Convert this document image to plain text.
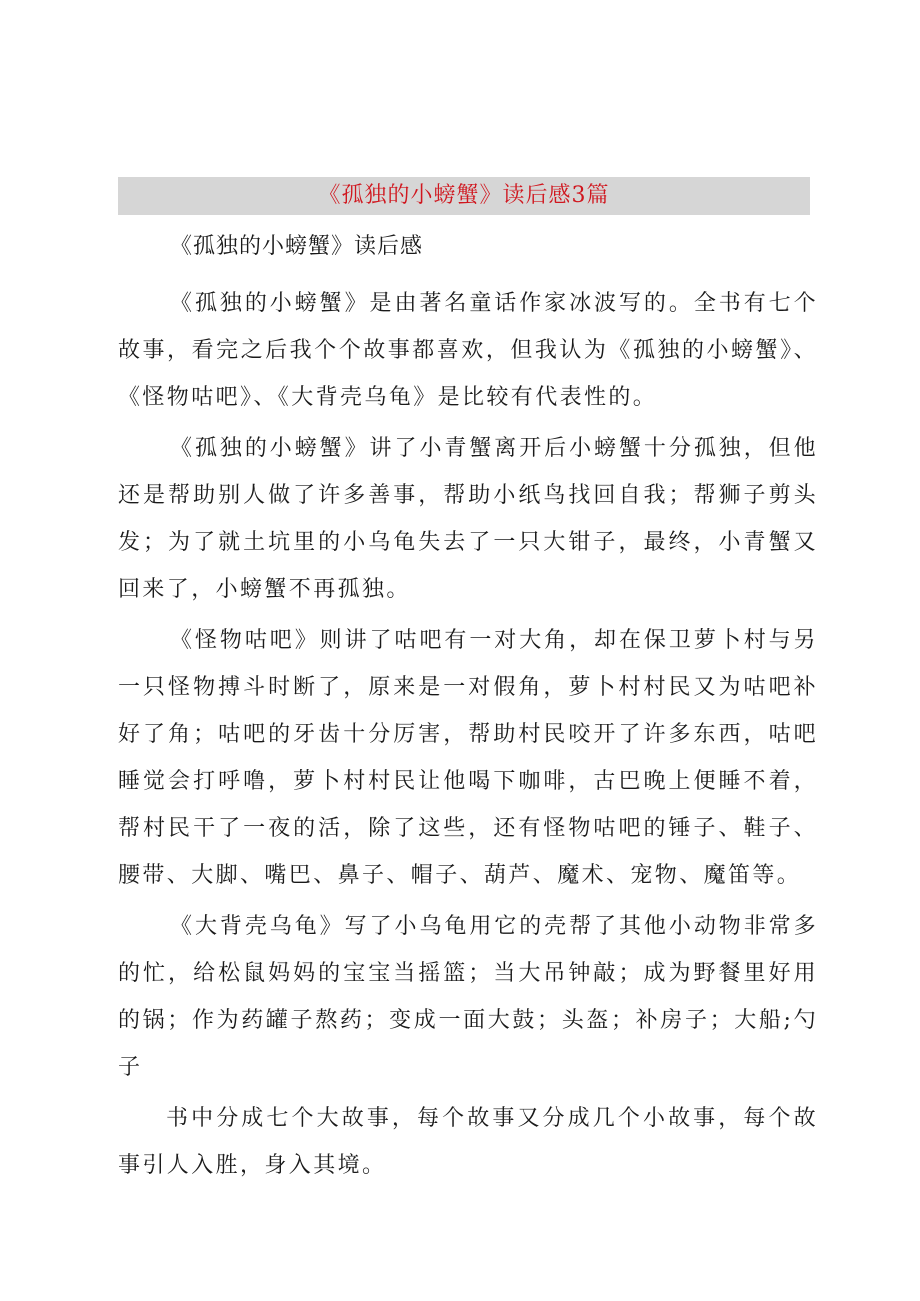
《孤独的小螃蟹》读后感3篇

《孤独的小螃蟹》读后感

《孤独的小螃蟹》是由著名童话作家冰波写的。全书有七个故事，看完之后我个个故事都喜欢，但我认为《孤独的小螃蟹》、《怪物咕吧》、《大背壳乌龟》是比较有代表性的。

《孤独的小螃蟹》讲了小青蟹离开后小螃蟹十分孤独，但他还是帮助别人做了许多善事，帮助小纸鸟找回自我；帮狮子剪头发；为了就土坑里的小乌龟失去了一只大钳子，最终，小青蟹又回来了，小螃蟹不再孤独。

《怪物咕吧》则讲了咕吧有一对大角，却在保卫萝卜村与另一只怪物搏斗时断了，原来是一对假角，萝卜村村民又为咕吧补好了角；咕吧的牙齿十分厉害，帮助村民咬开了许多东西，咕吧睡觉会打呼噜，萝卜村村民让他喝下咖啡，古巴晚上便睡不着，帮村民干了一夜的活，除了这些，还有怪物咕吧的锤子、鞋子、腰带、大脚、嘴巴、鼻子、帽子、葫芦、魔术、宠物、魔笛等。

《大背壳乌龟》写了小乌龟用它的壳帮了其他小动物非常多的忙，给松鼠妈妈的宝宝当摇篮；当大吊钟敲；成为野餐里好用的锅；作为药罐子熬药；变成一面大鼓；头盔；补房子；大船;勺子

书中分成七个大故事，每个故事又分成几个小故事，每个故事引人入胜，身入其境。
